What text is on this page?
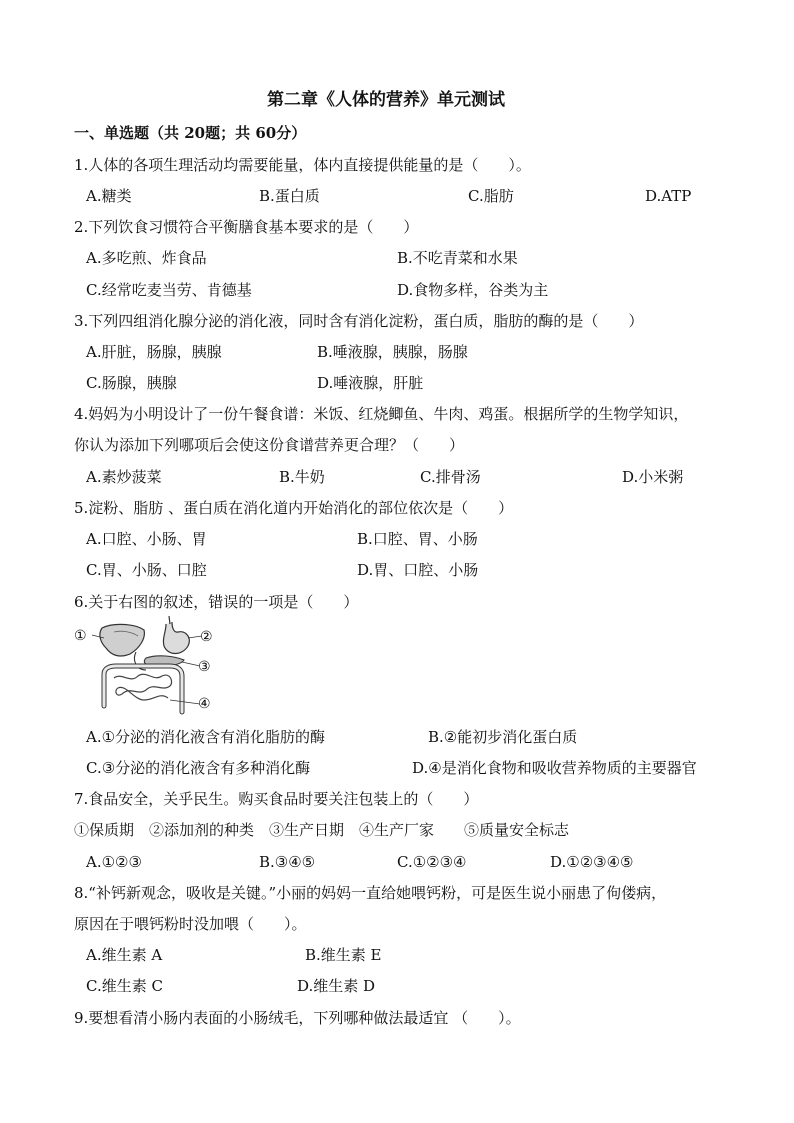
第二章《人体的营养》单元测试
一、单选题（共 20题；共 60分）
1.人体的各项生理活动均需要能量，体内直接提供能量的是（　　）。
A.糖类	B.蛋白质	C.脂肪	D.ATP
2.下列饮食习惯符合平衡膳食基本要求的是（　　）
A.多吃煎、炸食品	B.不吃青菜和水果
C.经常吃麦当劳、肯德基	D.食物多样，谷类为主
3.下列四组消化腺分泌的消化液，同时含有消化淀粉，蛋白质，脂肪的酶的是（　　）
A.肝脏，肠腺，胰腺	B.唾液腺，胰腺，肠腺
C.肠腺，胰腺	D.唾液腺，肝脏
4.妈妈为小明设计了一份午餐食谱：米饭、红烧鲫鱼、牛肉、鸡蛋。根据所学的生物学知识，
你认为添加下列哪项后会使这份食谱营养更合理？（　　）
A.素炒菠菜	B.牛奶	C.排骨汤	D.小米粥
5.淀粉、脂肪 、蛋白质在消化道内开始消化的部位依次是（　　）
A.口腔、小肠、胃	B.口腔、胃、小肠
C.胃、小肠、口腔	D.胃、口腔、小肠
6.关于右图的叙述，错误的一项是（　　）
①	②
③
④
A.①分泌的消化液含有消化脂肪的酶	B.②能初步消化蛋白质
C.③分泌的消化液含有多种消化酶	D.④是消化食物和吸收营养物质的主要器官
7.食品安全，关乎民生。购买食品时要关注包装上的（　　）
①保质期　②添加剂的种类　③生产日期　④生产厂家　　⑤质量安全标志
A.①②③	B.③④⑤	C.①②③④	D.①②③④⑤
8.“补钙新观念，吸收是关键。”小丽的妈妈一直给她喂钙粉，可是医生说小丽患了佝偻病，
原因在于喂钙粉时没加喂（　　）。
A.维生素 A	B.维生素 E
C.维生素 C	D.维生素 D
9.要想看清小肠内表面的小肠绒毛，下列哪种做法最适宜 （　　）。
